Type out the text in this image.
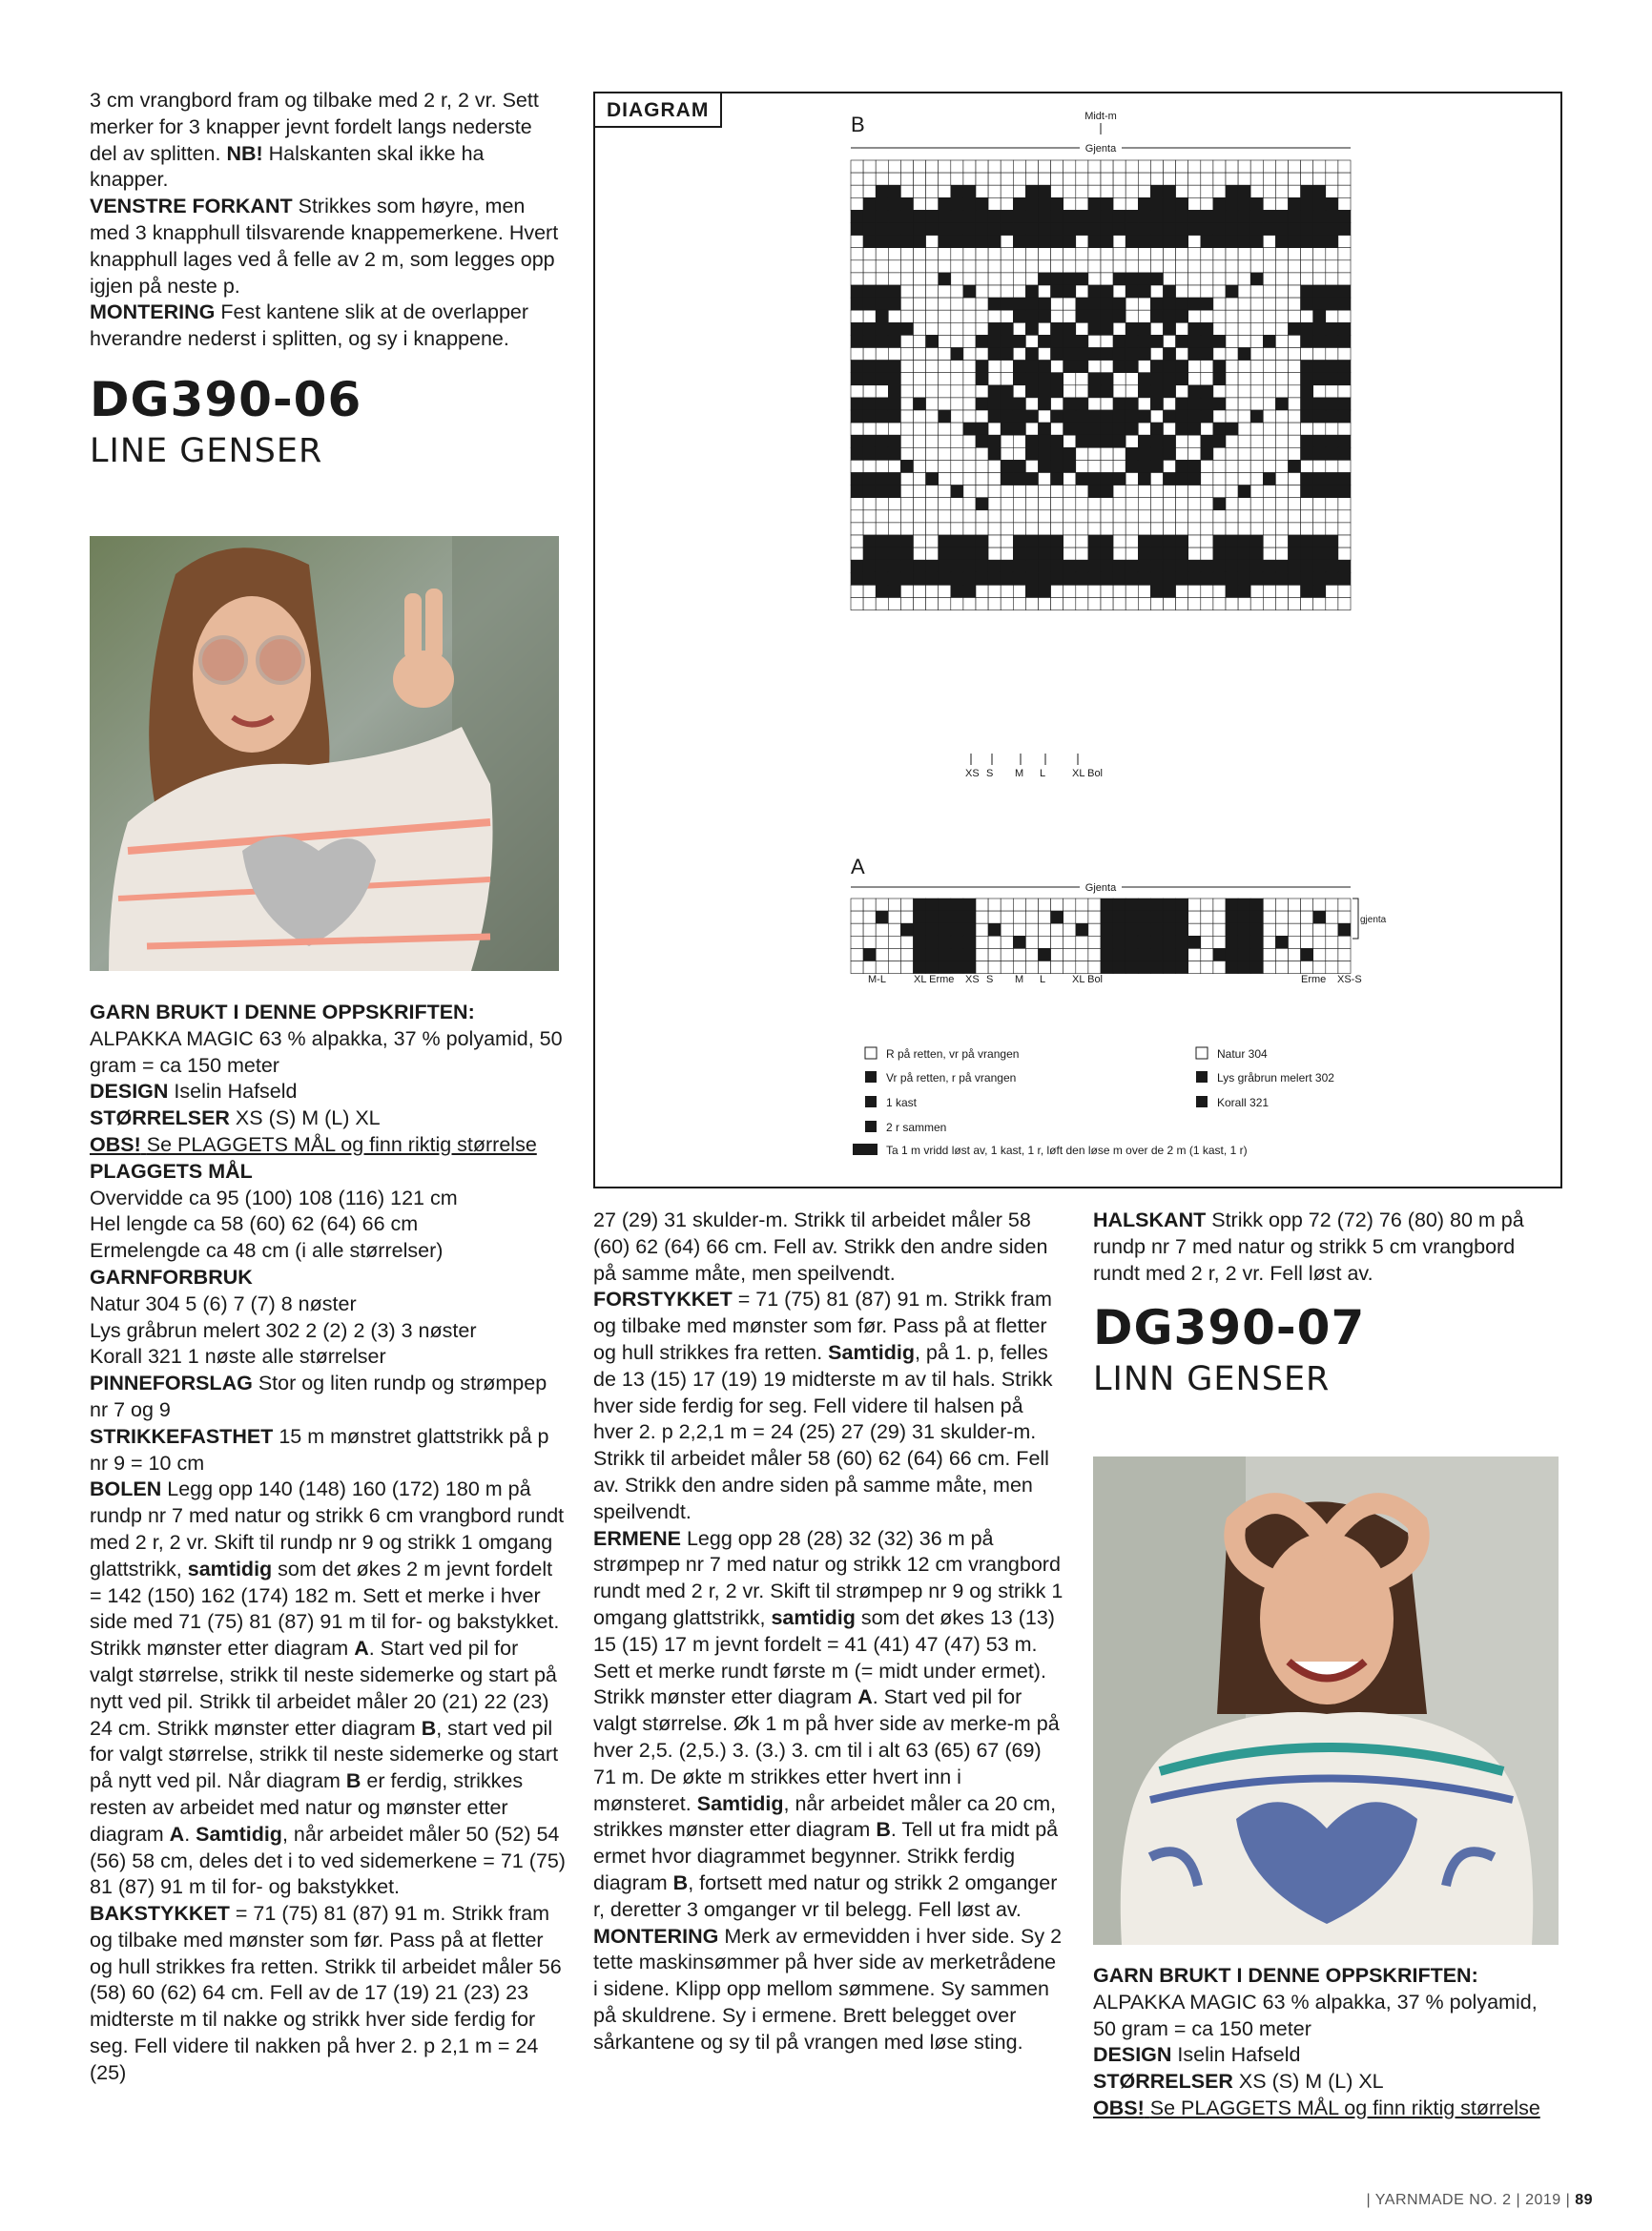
3 cm vrangbord fram og tilbake med 2 r, 2 vr. Sett merker for 3 knapper jevnt fordelt langs nederste del av splitten. NB! Halskanten skal ikke ha knapper.

VENSTRE FORKANT Strikkes som høyre, men med 3 knapphull tilsvarende knappemerkene. Hvert knapphull lages ved å felle av 2 m, som legges opp igjen på neste p.

MONTERING Fest kantene slik at de overlapper hverandre nederst i splitten, og sy i knappene.

DG390-06
LINE GENSER

GARN BRUKT I DENNE OPPSKRIFTEN:

ALPAKKA MAGIC 63 % alpakka, 37 % polyamid, 50 gram = ca 150 meter

DESIGN Iselin Hafseld

STØRRELSER XS (S) M (L) XL

OBS! Se PLAGGETS MÅL og finn riktig størrelse

PLAGGETS MÅL

Overvidde ca 95 (100) 108 (116) 121 cm

Hel lengde ca 58 (60) 62 (64) 66 cm

Ermelengde ca 48 cm (i alle størrelser)

GARNFORBRUK

Natur 304 5 (6) 7 (7) 8 nøster

Lys gråbrun melert 302 2 (2) 2 (3) 3 nøster

Korall 321 1 nøste alle størrelser

PINNEFORSLAG Stor og liten rundp og strømpep nr 7 og 9

STRIKKEFASTHET 15 m mønstret glattstrikk på p nr 9 = 10 cm

BOLEN Legg opp 140 (148) 160 (172) 180 m på rundp nr 7 med natur og strikk 6 cm vrangbord rundt med 2 r, 2 vr. Skift til rundp nr 9 og strikk 1 omgang glattstrikk, samtidig som det økes 2 m jevnt fordelt = 142 (150) 162 (174) 182 m. Sett et merke i hver side med 71 (75) 81 (87) 91 m til for- og bakstykket. Strikk mønster etter diagram A. Start ved pil for valgt størrelse, strikk til neste sidemerke og start på nytt ved pil. Strikk til arbeidet måler 20 (21) 22 (23) 24 cm. Strikk mønster etter diagram B, start ved pil for valgt størrelse, strikk til neste sidemerke og start på nytt ved pil. Når diagram B er ferdig, strikkes resten av arbeidet med natur og mønster etter diagram A. Samtidig, når arbeidet måler 50 (52) 54 (56) 58 cm, deles det i to ved sidemerkene = 71 (75) 81 (87) 91 m til for- og bakstykket.

BAKSTYKKET = 71 (75) 81 (87) 91 m. Strikk fram og tilbake med mønster som før. Pass på at fletter og hull strikkes fra retten. Strikk til arbeidet måler 56 (58) 60 (62) 64 cm. Fell av de 17 (19) 21 (23) 23 midterste m til nakke og strikk hver side ferdig for seg. Fell videre til nakken på hver 2. p 2,1 m = 24 (25)

DIAGRAM
B	Midt-m
Gjenta
XS S M L	XL Bol
A
Gjenta
gjenta
M-L	XL Erme XS S M L	XL Bol	Erme XS-S
R på retten, vr på vrangen
Vr på retten, r på vrangen
1 kast
2 r sammen
Ta 1 m vridd løst av, 1 kast, 1 r, løft den løse m over de 2 m (1 kast, 1 r)
Natur 304
Lys gråbrun melert 302
Korall 321

27 (29) 31 skulder-m. Strikk til arbeidet måler 58 (60) 62 (64) 66 cm. Fell av. Strikk den andre siden på samme måte, men speilvendt.

FORSTYKKET = 71 (75) 81 (87) 91 m. Strikk fram og tilbake med mønster som før. Pass på at fletter og hull strikkes fra retten. Samtidig, på 1. p, felles de 13 (15) 17 (19) 19 midterste m av til hals. Strikk hver side ferdig for seg. Fell videre til halsen på hver 2. p 2,2,1 m = 24 (25) 27 (29) 31 skulder-m. Strikk til arbeidet måler 58 (60) 62 (64) 66 cm. Fell av. Strikk den andre siden på samme måte, men speilvendt.

ERMENE Legg opp 28 (28) 32 (32) 36 m på strømpep nr 7 med natur og strikk 12 cm vrangbord rundt med 2 r, 2 vr. Skift til strømpep nr 9 og strikk 1 omgang glattstrikk, samtidig som det økes 13 (13) 15 (15) 17 m jevnt fordelt = 41 (41) 47 (47) 53 m. Sett et merke rundt første m (= midt under ermet). Strikk mønster etter diagram A. Start ved pil for valgt størrelse. Øk 1 m på hver side av merke-m på hver 2,5. (2,5.) 3. (3.) 3. cm til i alt 63 (65) 67 (69) 71 m. De økte m strikkes etter hvert inn i mønsteret. Samtidig, når arbeidet måler ca 20 cm, strikkes mønster etter diagram B. Tell ut fra midt på ermet hvor diagrammet begynner. Strikk ferdig diagram B, fortsett med natur og strikk 2 omganger r, deretter 3 omganger vr til belegg. Fell løst av.

MONTERING Merk av ermevidden i hver side. Sy 2 tette maskinsømmer på hver side av merketrådene i sidene. Klipp opp mellom sømmene. Sy sammen på skuldrene. Sy i ermene. Brett belegget over sårkantene og sy til på vrangen med løse sting.

HALSKANT Strikk opp 72 (72) 76 (80) 80 m på rundp nr 7 med natur og strikk 5 cm vrangbord rundt med 2 r, 2 vr. Fell løst av.

DG390-07
LINN GENSER

GARN BRUKT I DENNE OPPSKRIFTEN:

ALPAKKA MAGIC 63 % alpakka, 37 % polyamid, 50 gram = ca 150 meter

DESIGN Iselin Hafseld

STØRRELSER XS (S) M (L) XL

OBS! Se PLAGGETS MÅL og finn riktig størrelse

| YARNMADE NO. 2 | 2019 | 89
